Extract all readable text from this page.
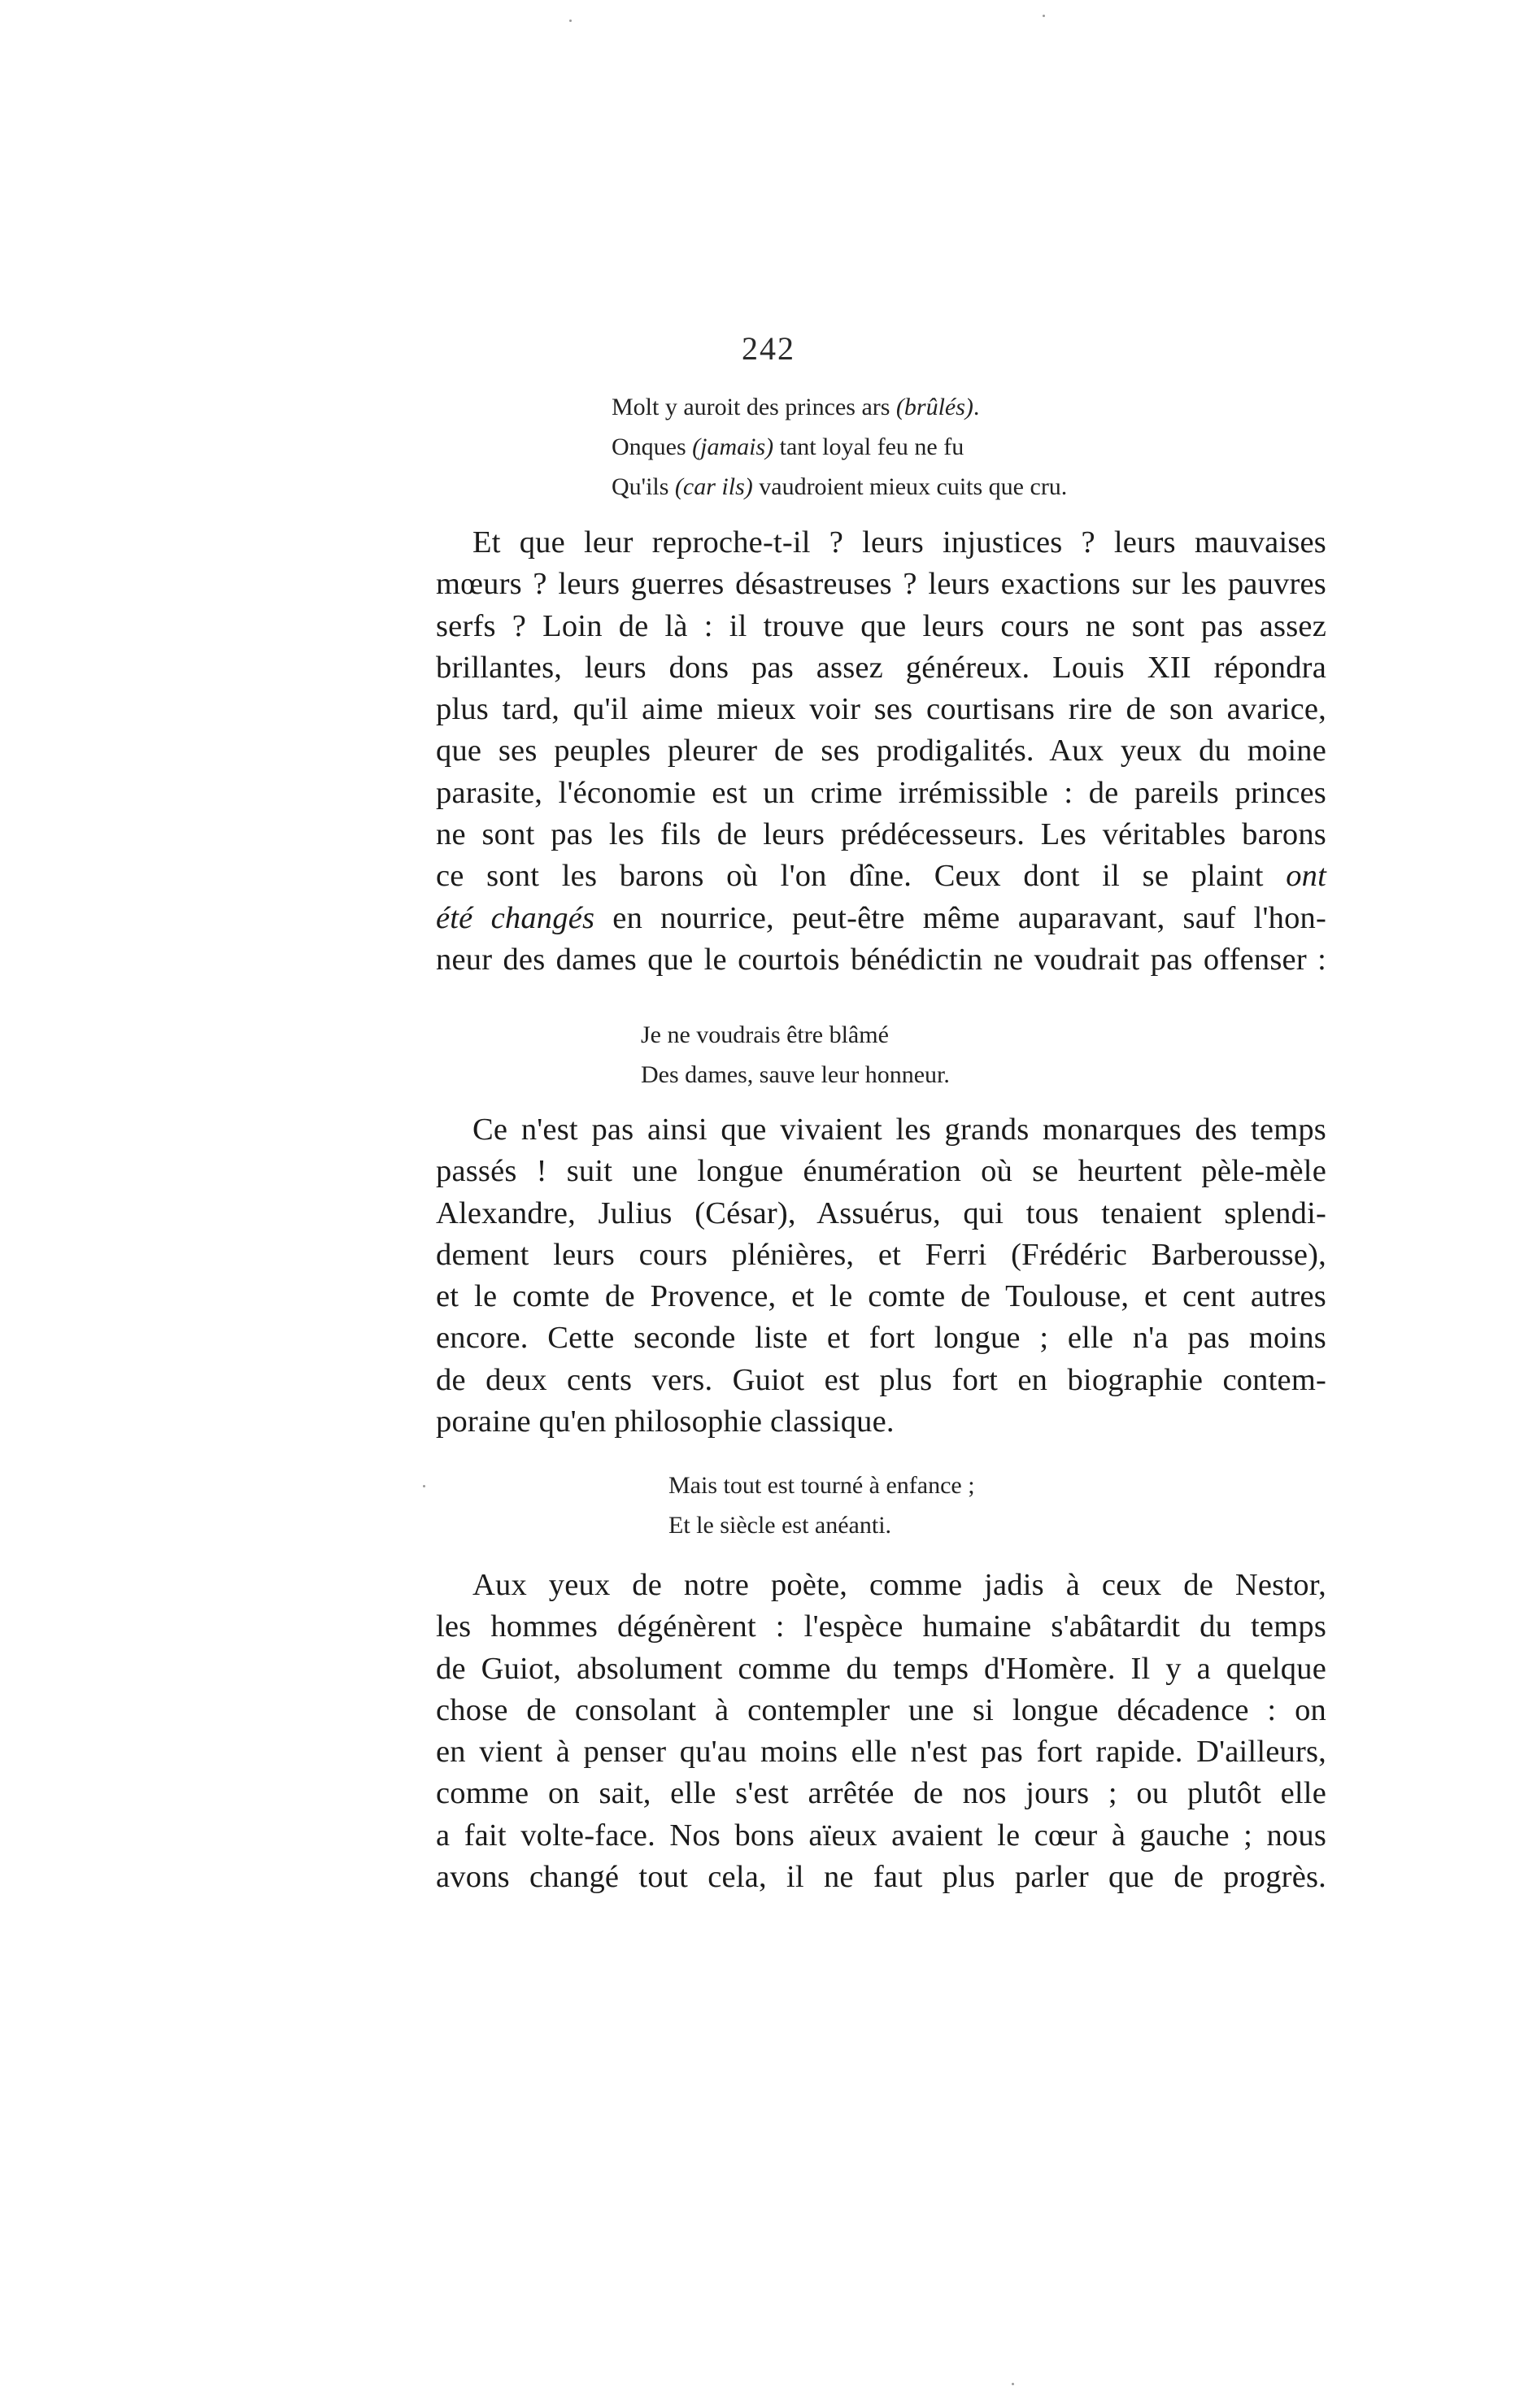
242
Molt y auroit des princes ars (brûlés).
Onques (jamais) tant loyal feu ne fu
Qu'ils (car ils) vaudroient mieux cuits que cru.
Et que leur reproche-t-il ? leurs injustices ? leurs mauvaises
mœurs ? leurs guerres désastreuses ? leurs exactions sur les pauvres
serfs ? Loin de là : il trouve que leurs cours ne sont pas assez
brillantes, leurs dons pas assez généreux. Louis XII répondra
plus tard, qu'il aime mieux voir ses courtisans rire de son avarice,
que ses peuples pleurer de ses prodigalités. Aux yeux du moine
parasite, l'économie est un crime irrémissible : de pareils princes
ne sont pas les fils de leurs prédécesseurs. Les véritables barons
ce sont les barons où l'on dîne. Ceux dont il se plaint ont
été changés en nourrice, peut-être même auparavant, sauf l'hon-
neur des dames que le courtois bénédictin ne voudrait pas offenser :
Je ne voudrais être blâmé
Des dames, sauve leur honneur.
Ce n'est pas ainsi que vivaient les grands monarques des temps
passés ! suit une longue énumération où se heurtent pèle-mèle
Alexandre, Julius (César), Assuérus, qui tous tenaient splendi-
dement leurs cours plénières, et Ferri (Frédéric Barberousse),
et le comte de Provence, et le comte de Toulouse, et cent autres
encore. Cette seconde liste et fort longue ; elle n'a pas moins
de deux cents vers. Guiot est plus fort en biographie contem-
poraine qu'en philosophie classique.
Mais tout est tourné à enfance ;
Et le siècle est anéanti.
Aux yeux de notre poète, comme jadis à ceux de Nestor,
les hommes dégénèrent : l'espèce humaine s'abâtardit du temps
de Guiot, absolument comme du temps d'Homère. Il y a quelque
chose de consolant à contempler une si longue décadence : on
en vient à penser qu'au moins elle n'est pas fort rapide. D'ailleurs,
comme on sait, elle s'est arrêtée de nos jours ; ou plutôt elle
a fait volte-face. Nos bons aïeux avaient le cœur à gauche ; nous
avons changé tout cela, il ne faut plus parler que de progrès.
